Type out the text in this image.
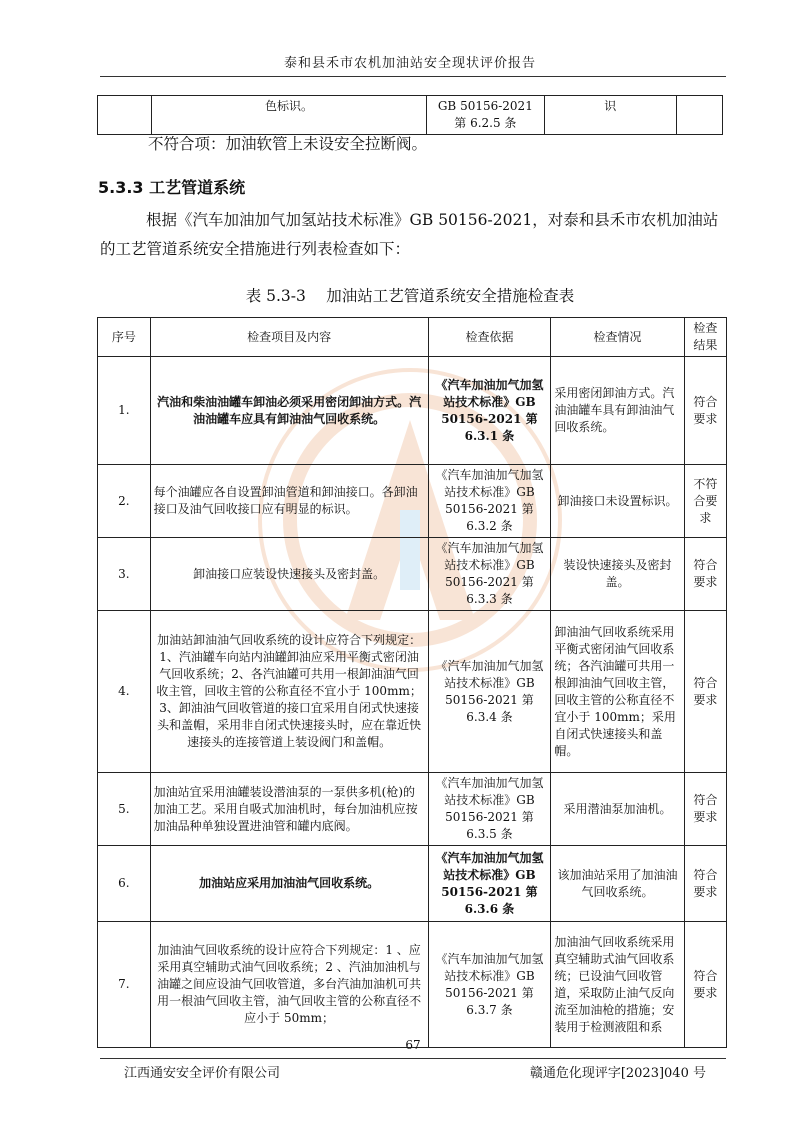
泰和县禾市农机加油站安全现状评价报告
	色标识。	GB 50156-2021 第 6.2.5 条	识	
不符合项：加油软管上未设安全拉断阀。
5.3.3 工艺管道系统
根据《汽车加油加气加氢站技术标准》GB 50156-2021，对泰和县禾市农机加油站的工艺管道系统安全措施进行列表检查如下：
表 5.3-3　 加油站工艺管道系统安全措施检查表
序号	检查项目及内容	检查依据	检查情况	检查结果
1.	汽油和柴油油罐车卸油必须采用密闭卸油方式。汽油油罐车应具有卸油油气回收系统。	《汽车加油加气加氢站技术标准》GB 50156-2021 第 6.3.1 条	采用密闭卸油方式。汽油油罐车具有卸油油气回收系统。	符合要求
2.	每个油罐应各自设置卸油管道和卸油接口。各卸油接口及油气回收接口应有明显的标识。	《汽车加油加气加氢站技术标准》GB 50156-2021 第 6.3.2 条	卸油接口未设置标识。	不符合要求
3.	卸油接口应装设快速接头及密封盖。	《汽车加油加气加氢站技术标准》GB 50156-2021 第 6.3.3 条	装设快速接头及密封盖。	符合要求
4.	加油站卸油油气回收系统的设计应符合下列规定：1、汽油罐车向站内油罐卸油应采用平衡式密闭油气回收系统；2、各汽油罐可共用一根卸油油气回收主管，回收主管的公称直径不宜小于 100mm；3、卸油油气回收管道的接口宜采用自闭式快速接头和盖帽，采用非自闭式快速接头时，应在靠近快速接头的连接管道上装设阀门和盖帽。	《汽车加油加气加氢站技术标准》GB 50156-2021 第 6.3.4 条	卸油油气回收系统采用平衡式密闭油气回收系统；各汽油罐可共用一根卸油油气回收主管，回收主管的公称直径不宜小于 100mm；采用自闭式快速接头和盖帽。	符合要求
5.	加油站宜采用油罐装设潜油泵的一泵供多机(枪)的加油工艺。采用自吸式加油机时，每台加油机应按加油品种单独设置进油管和罐内底阀。	《汽车加油加气加氢站技术标准》GB 50156-2021 第 6.3.5 条	采用潜油泵加油机。	符合要求
6.	加油站应采用加油油气回收系统。	《汽车加油加气加氢站技术标准》GB 50156-2021 第 6.3.6 条	该加油站采用了加油油气回收系统。	符合要求
7.	加油油气回收系统的设计应符合下列规定：1 、应采用真空辅助式油气回收系统；2 、汽油加油机与油罐之间应设油气回收管道，多台汽油加油机可共用一根油气回收主管，油气回收主管的公称直径不应小于 50mm；	《汽车加油加气加氢站技术标准》GB 50156-2021 第 6.3.7 条	加油油气回收系统采用真空辅助式油气回收系统；已设油气回收管道，采取防止油气反向流至加油枪的措施；安装用于检测液阻和系	符合要求
67
江西通安安全评价有限公司	赣通危化现评字[2023]040 号
